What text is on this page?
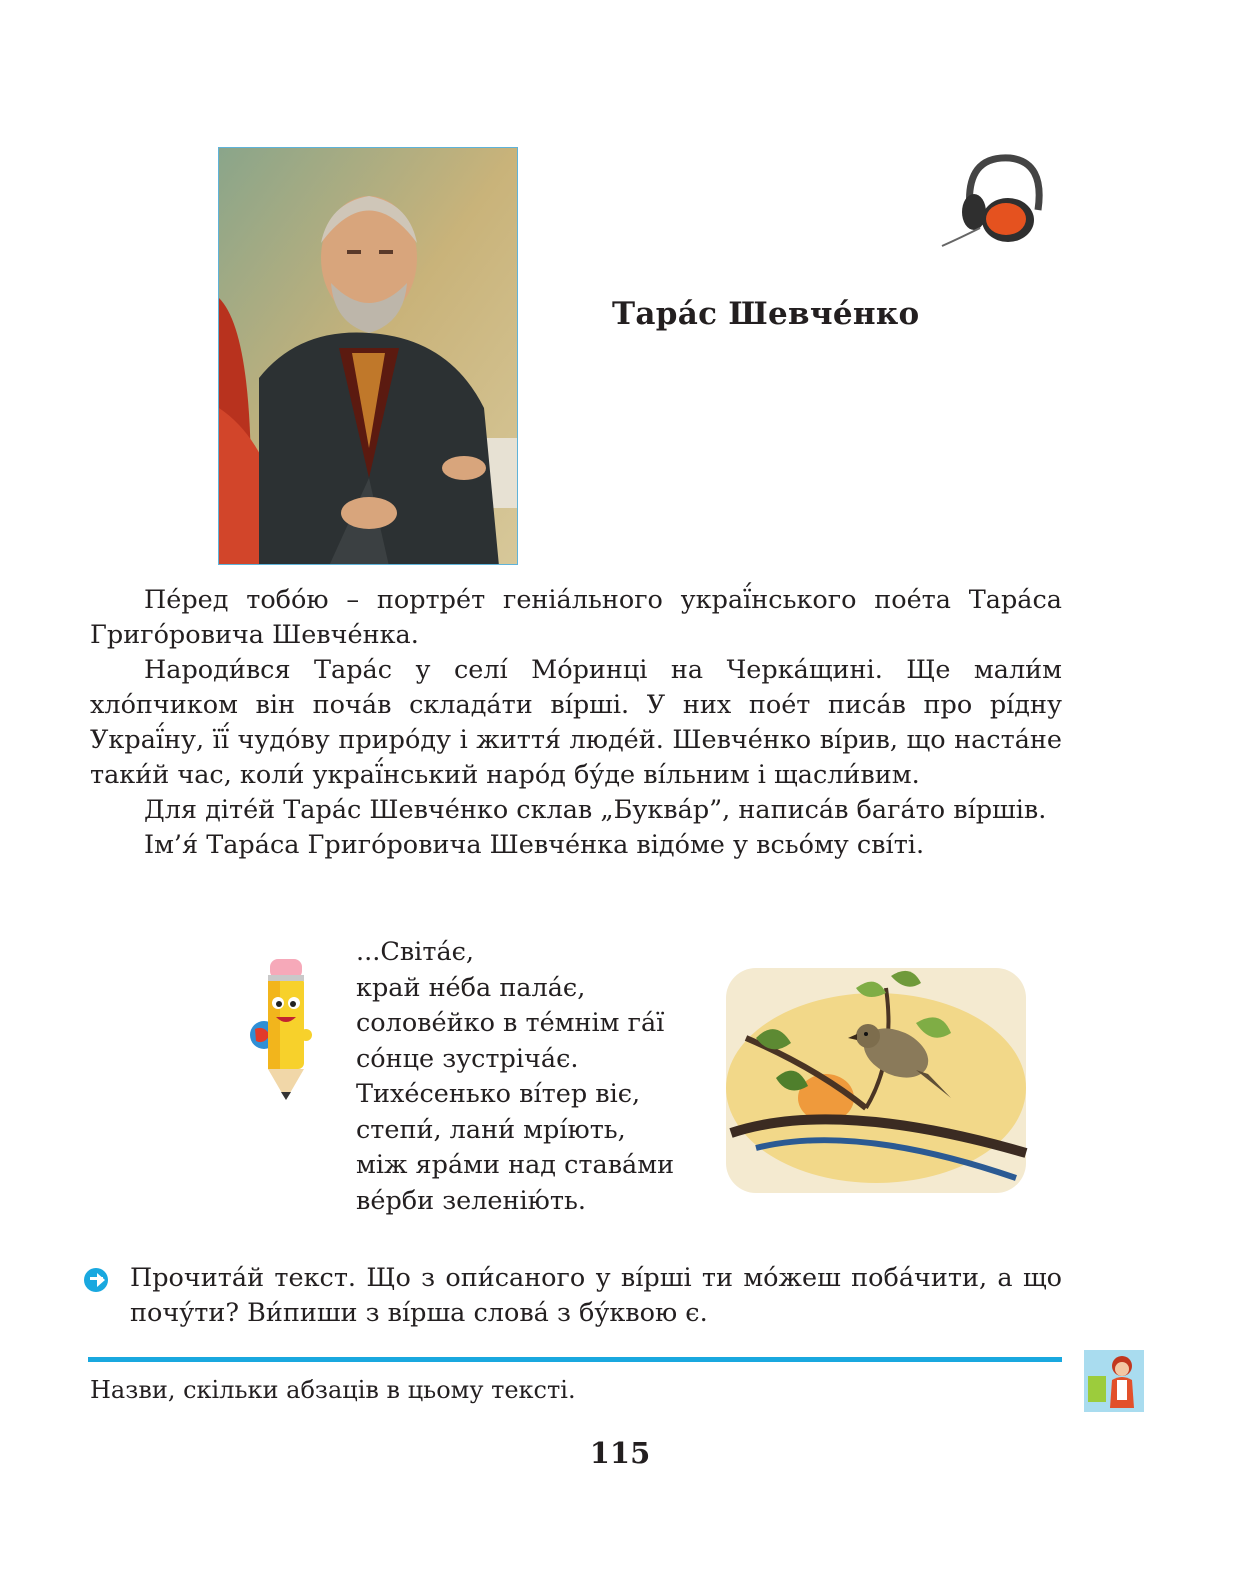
Тара́с Шевче́нко

Пе́ред тобо́ю – портре́т геніа́льного украї́нського пое́та Тара́са Григо́ровича Шевче́нка.

Народи́вся Тара́с у селі́ Мо́ринці на Черка́щині. Ще мали́м хло́пчиком він поча́в склада́ти ві́рші. У них пое́т писа́в про рі́дну Украї́ну, її́ чудо́ву приро́ду і життя́ люде́й. Шевче́нко ві́рив, що наста́не таки́й час, коли́ украї́нський наро́д бу́де ві́льним і щасли́вим.

Для діте́й Тара́с Шевче́нко склав „Буква́р”, написа́в бага́то ві́ршів.

Ім’я́ Тара́са Григо́ровича Шевче́нка відо́ме у всьо́му сві́ті.

...Світа́є,
край не́ба пала́є,
солове́йко в те́мнім га́ї
со́нце зустріча́є.
Тихе́сенько ві́тер віє,
степи́, лани́ мрі́ють,
між яра́ми над става́ми
ве́рби зеленію́ть.
Прочита́й текст. Що з опи́саного у ві́рші ти мо́жеш поба́чити, а що почу́ти? Ви́пиши з ві́рша слова́ з бу́квою є.
Назви, скільки абзаців в цьому тексті.
115
